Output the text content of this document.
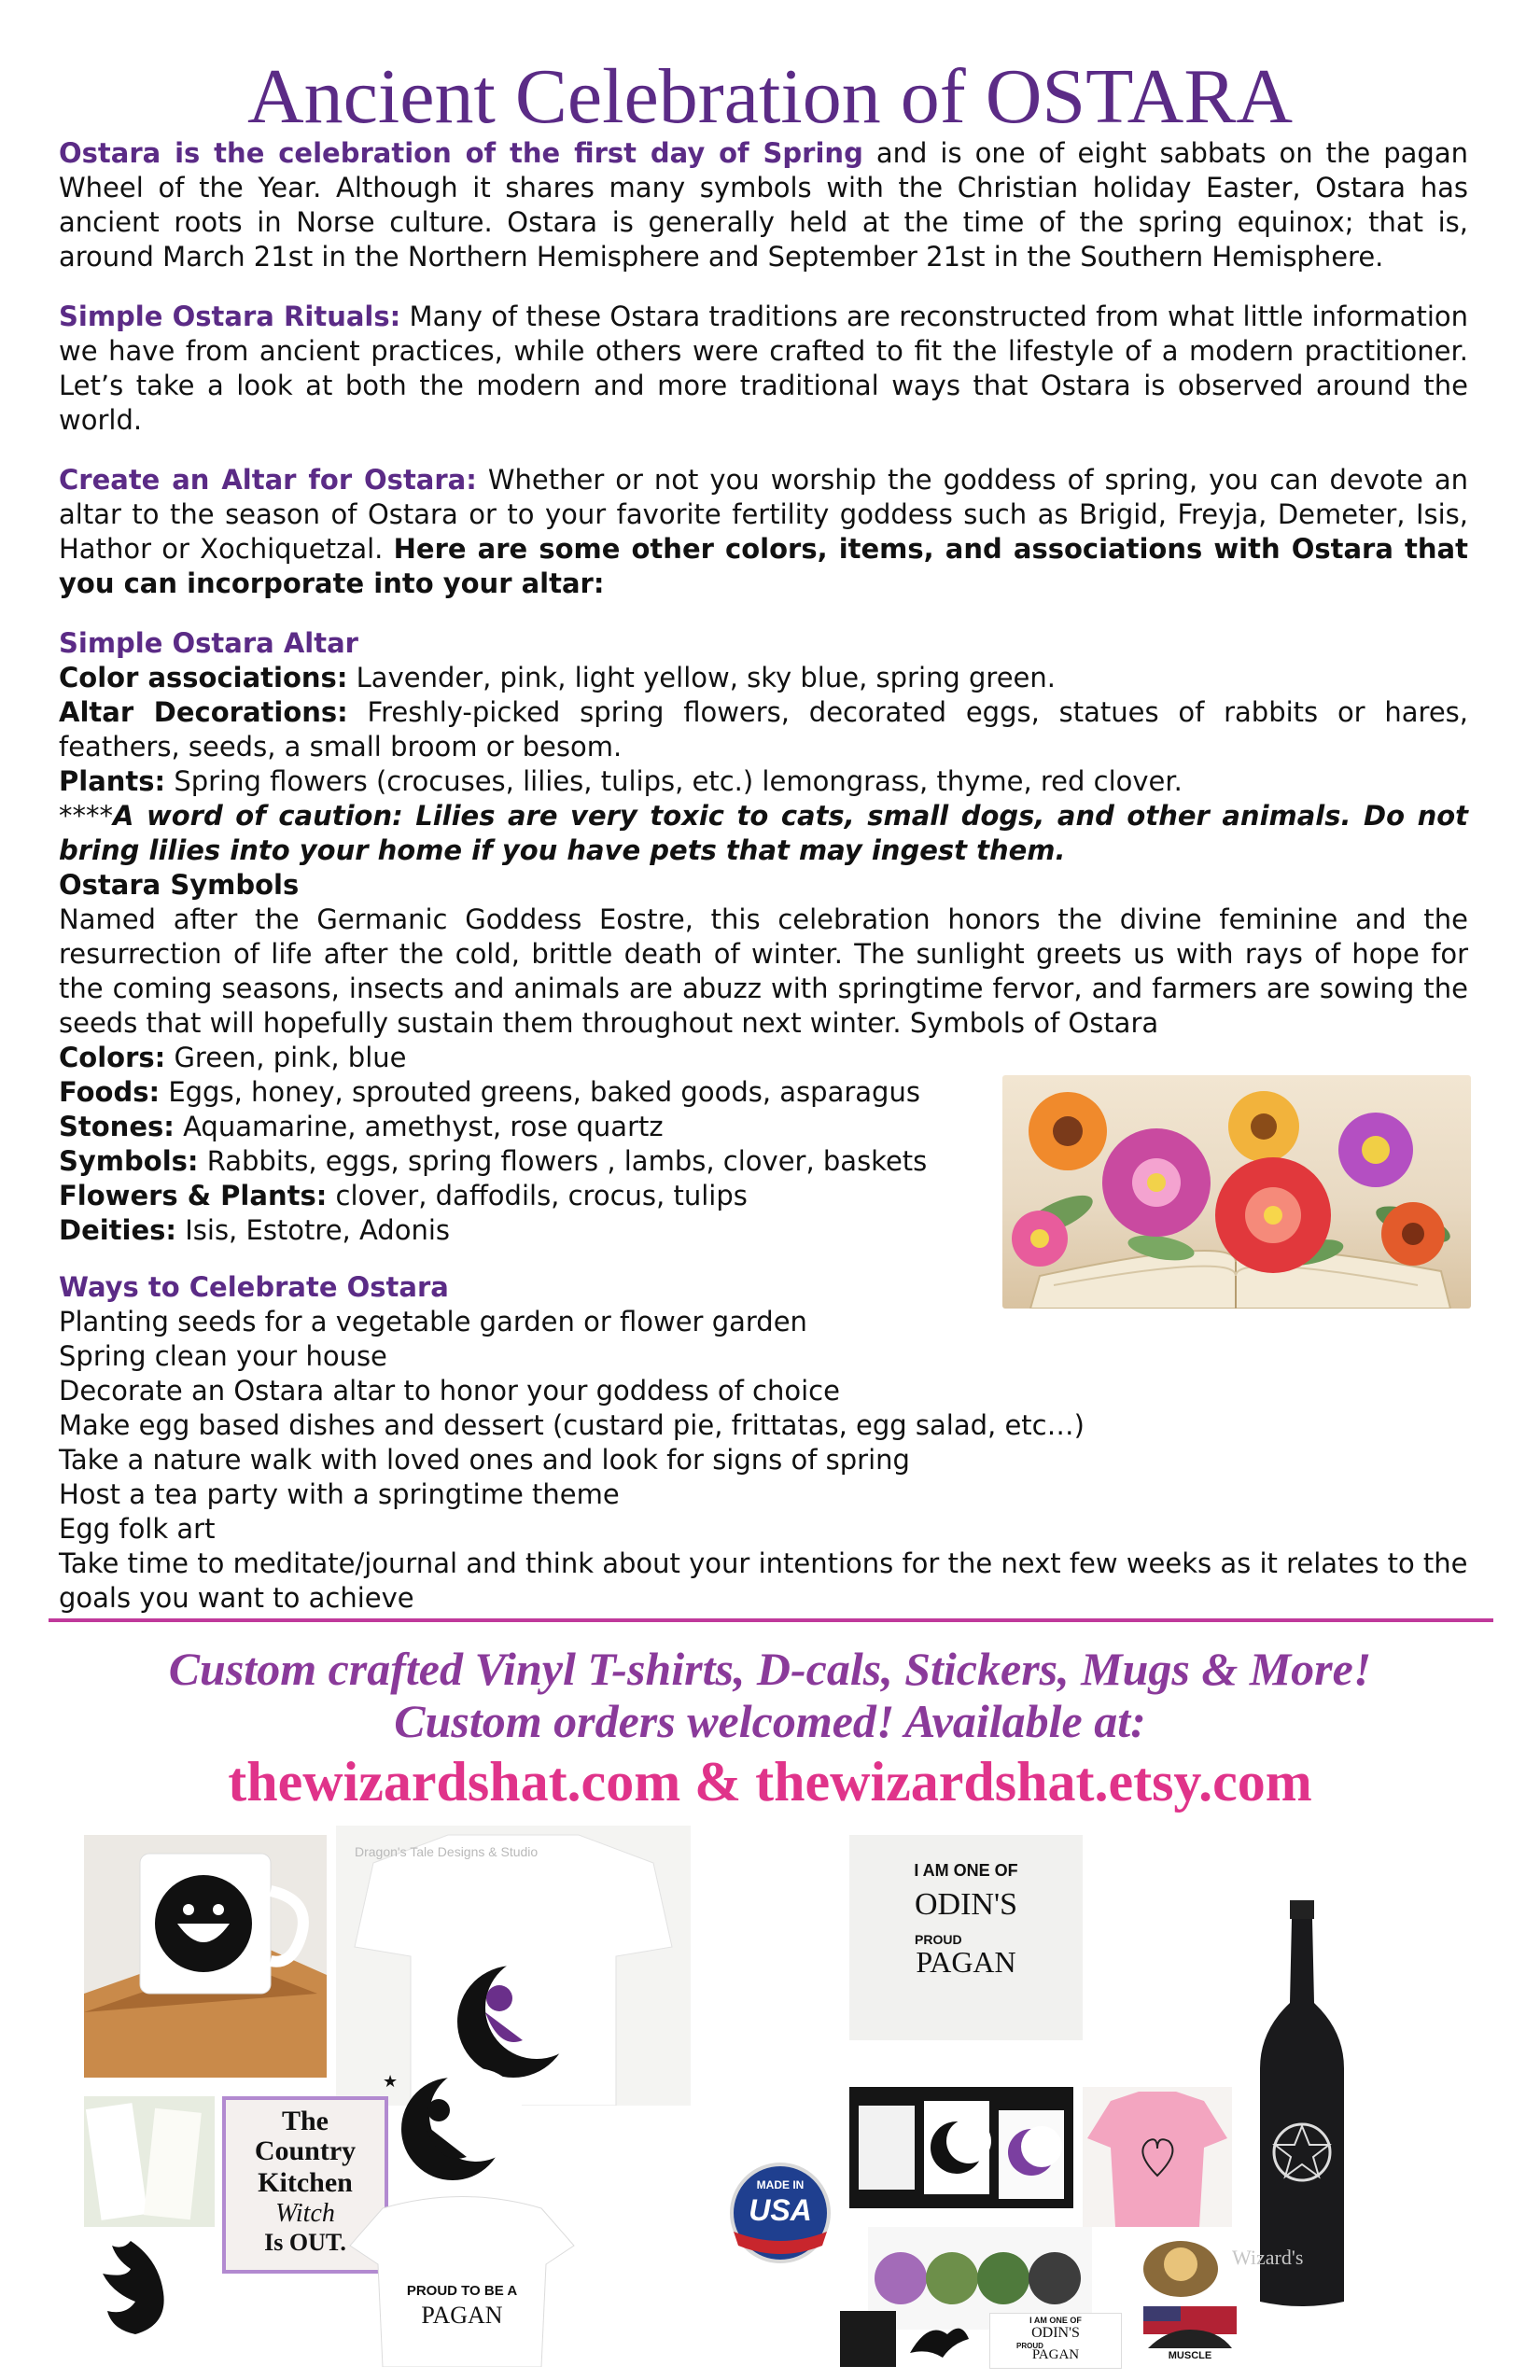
Ancient Celebration of OSTARA

Ostara is the celebration of the first day of Spring and is one of eight sabbats on the pagan Wheel of the Year. Although it shares many symbols with the Christian holiday Easter, Ostara has ancient roots in Norse culture. Ostara is generally held at the time of the spring equinox; that is, around March 21st in the Northern Hemisphere and September 21st in the Southern Hemisphere.

Simple Ostara Rituals: Many of these Ostara traditions are reconstructed from what little information we have from ancient practices, while others were crafted to fit the lifestyle of a modern practitioner. Let’s take a look at both the modern and more traditional ways that Ostara is observed around the world.

Create an Altar for Ostara: Whether or not you worship the goddess of spring, you can devote an altar to the season of Ostara or to your favorite fertility goddess such as Brigid, Freyja, Demeter, Isis, Hathor or Xochiquetzal. Here are some other colors, items, and associations with Ostara that you can incorporate into your altar:

Simple Ostara Altar

Color associations: Lavender, pink, light yellow, sky blue, spring green.

Altar Decorations: Freshly-picked spring flowers, decorated eggs, statues of rabbits or hares, feathers, seeds, a small broom or besom.

Plants: Spring flowers (crocuses, lilies, tulips, etc.) lemongrass, thyme, red clover.

****A word of caution: Lilies are very toxic to cats, small dogs, and other animals. Do not bring lilies into your home if you have pets that may ingest them.

Ostara Symbols

Named after the Germanic Goddess Eostre, this celebration honors the divine feminine and the resurrection of life after the cold, brittle death of winter. The sunlight greets us with rays of hope for the coming seasons, insects and animals are abuzz with springtime fervor, and farmers are sowing the seeds that will hopefully sustain them throughout next winter. Symbols of Ostara

Colors: Green, pink, blue

Foods: Eggs, honey, sprouted greens, baked goods, asparagus

Stones: Aquamarine, amethyst, rose quartz

Symbols: Rabbits, eggs, spring flowers , lambs, clover, baskets

Flowers & Plants: clover, daffodils, crocus, tulips

Deities: Isis, Estotre, Adonis

Ways to Celebrate Ostara

Planting seeds for a vegetable garden or flower garden

Spring clean your house

Decorate an Ostara altar to honor your goddess of choice

Make egg based dishes and dessert (custard pie, frittatas, egg salad, etc…)

Take a nature walk with loved ones and look for signs of spring

Host a tea party with a springtime theme

Egg folk art

Take time to meditate/journal and think about your intentions for the next few weeks as it relates to the goals you want to achieve

Custom crafted Vinyl T-shirts, D-cals, Stickers, Mugs & More!
Custom orders welcomed! Available at:
thewizardshat.com & thewizardshat.etsy.com
Dragon's Tale Designs & Studio
I AM ONE OF
ODIN'S
PROUD
PAGAN
The
Country
Kitchen
Witch
Is OUT.
★
PROUD TO BE A
PAGAN
MADE IN
USA
Wizard's
I AM ONE OF
ODIN'S
PROUD
PAGAN	MUSCLE
